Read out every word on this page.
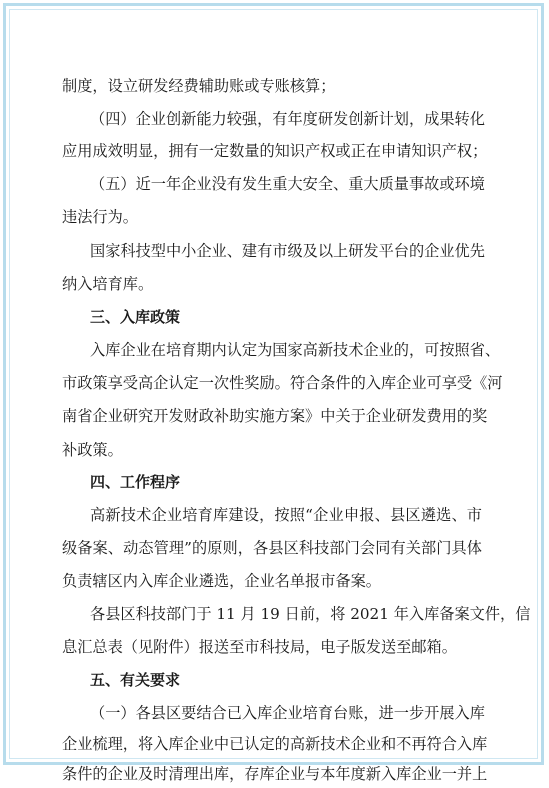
制度，设立研发经费辅助账或专账核算；
（四）企业创新能力较强，有年度研发创新计划，成果转化
应用成效明显，拥有一定数量的知识产权或正在申请知识产权；
（五）近一年企业没有发生重大安全、重大质量事故或环境
违法行为。
国家科技型中小企业、建有市级及以上研发平台的企业优先
纳入培育库。
三、入库政策
入库企业在培育期内认定为国家高新技术企业的，可按照省、
市政策享受高企认定一次性奖励。符合条件的入库企业可享受《河
南省企业研究开发财政补助实施方案》中关于企业研发费用的奖
补政策。
四、工作程序
高新技术企业培育库建设，按照“企业申报、县区遴选、市
级备案、动态管理”的原则，各县区科技部门会同有关部门具体
负责辖区内入库企业遴选，企业名单报市备案。
各县区科技部门于 11 月 19 日前，将 2021 年入库备案文件，信
息汇总表（见附件）报送至市科技局，电子版发送至邮箱。
五、有关要求
（一）各县区要结合已入库企业培育台账，进一步开展入库
企业梳理，将入库企业中已认定的高新技术企业和不再符合入库
条件的企业及时清理出库，存库企业与本年度新入库企业一并上
